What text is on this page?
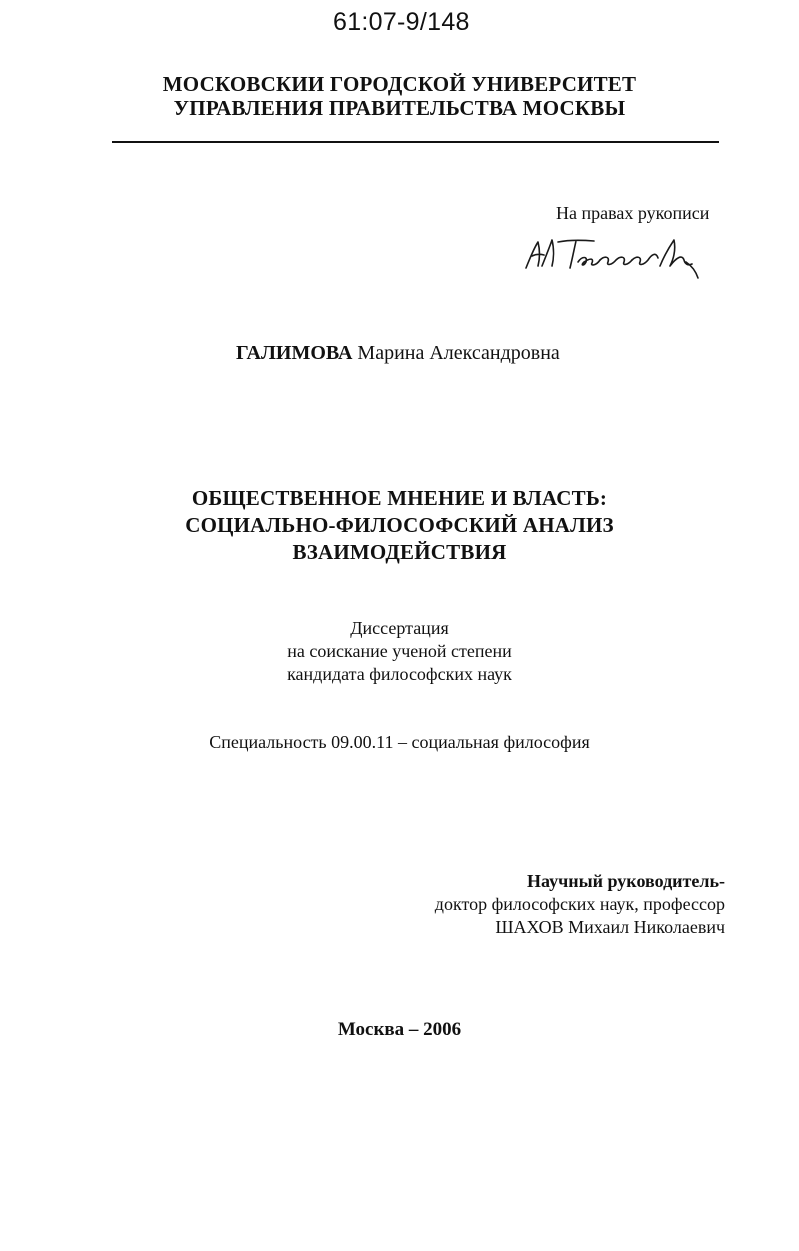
61:07-9/148
МОСКОВСКИИ ГОРОДСКОЙ УНИВЕРСИТЕТ
УПРАВЛЕНИЯ ПРАВИТЕЛЬСТВА МОСКВЫ
На правах рукописи
ГАЛИМОВА Марина Александровна
ОБЩЕСТВЕННОЕ МНЕНИЕ И ВЛАСТЬ:
СОЦИАЛЬНО-ФИЛОСОФСКИЙ АНАЛИЗ
ВЗАИМОДЕЙСТВИЯ
Диссертация
на соискание ученой степени
кандидата философских наук
Специальность 09.00.11 – социальная философия
Научный руководитель-
доктор философских наук, профессор
ШАХОВ Михаил Николаевич
Москва – 2006
